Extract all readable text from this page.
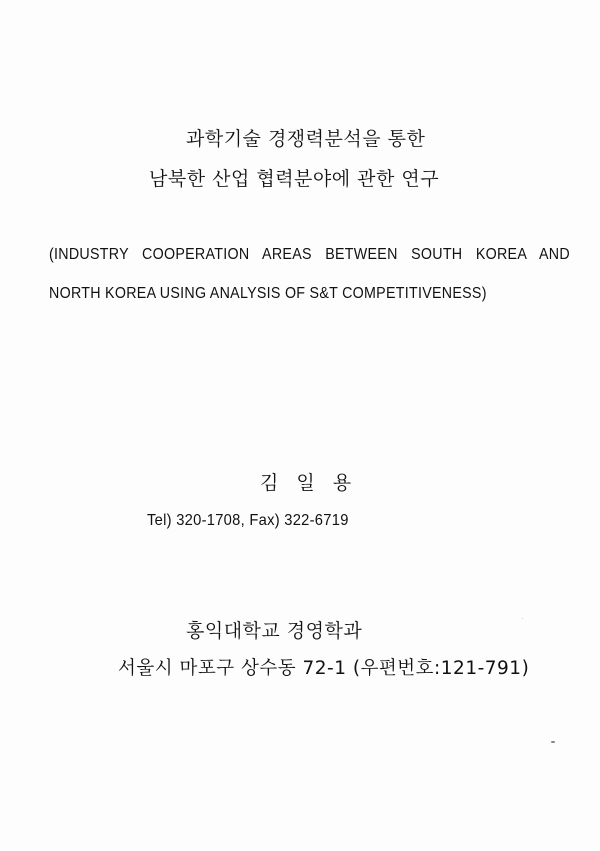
과학기술 경쟁력분석을 통한
남북한 산업 협력분야에 관한 연구
(INDUSTRY COOPERATION AREAS BETWEEN SOUTH KOREA AND
NORTH KOREA USING ANALYSIS OF S&T COMPETITIVENESS)
김 일 용
Tel) 320-1708, Fax) 322-6719
홍익대학교 경영학과
서울시 마포구 상수동 72-1 (우편번호:121-791)
